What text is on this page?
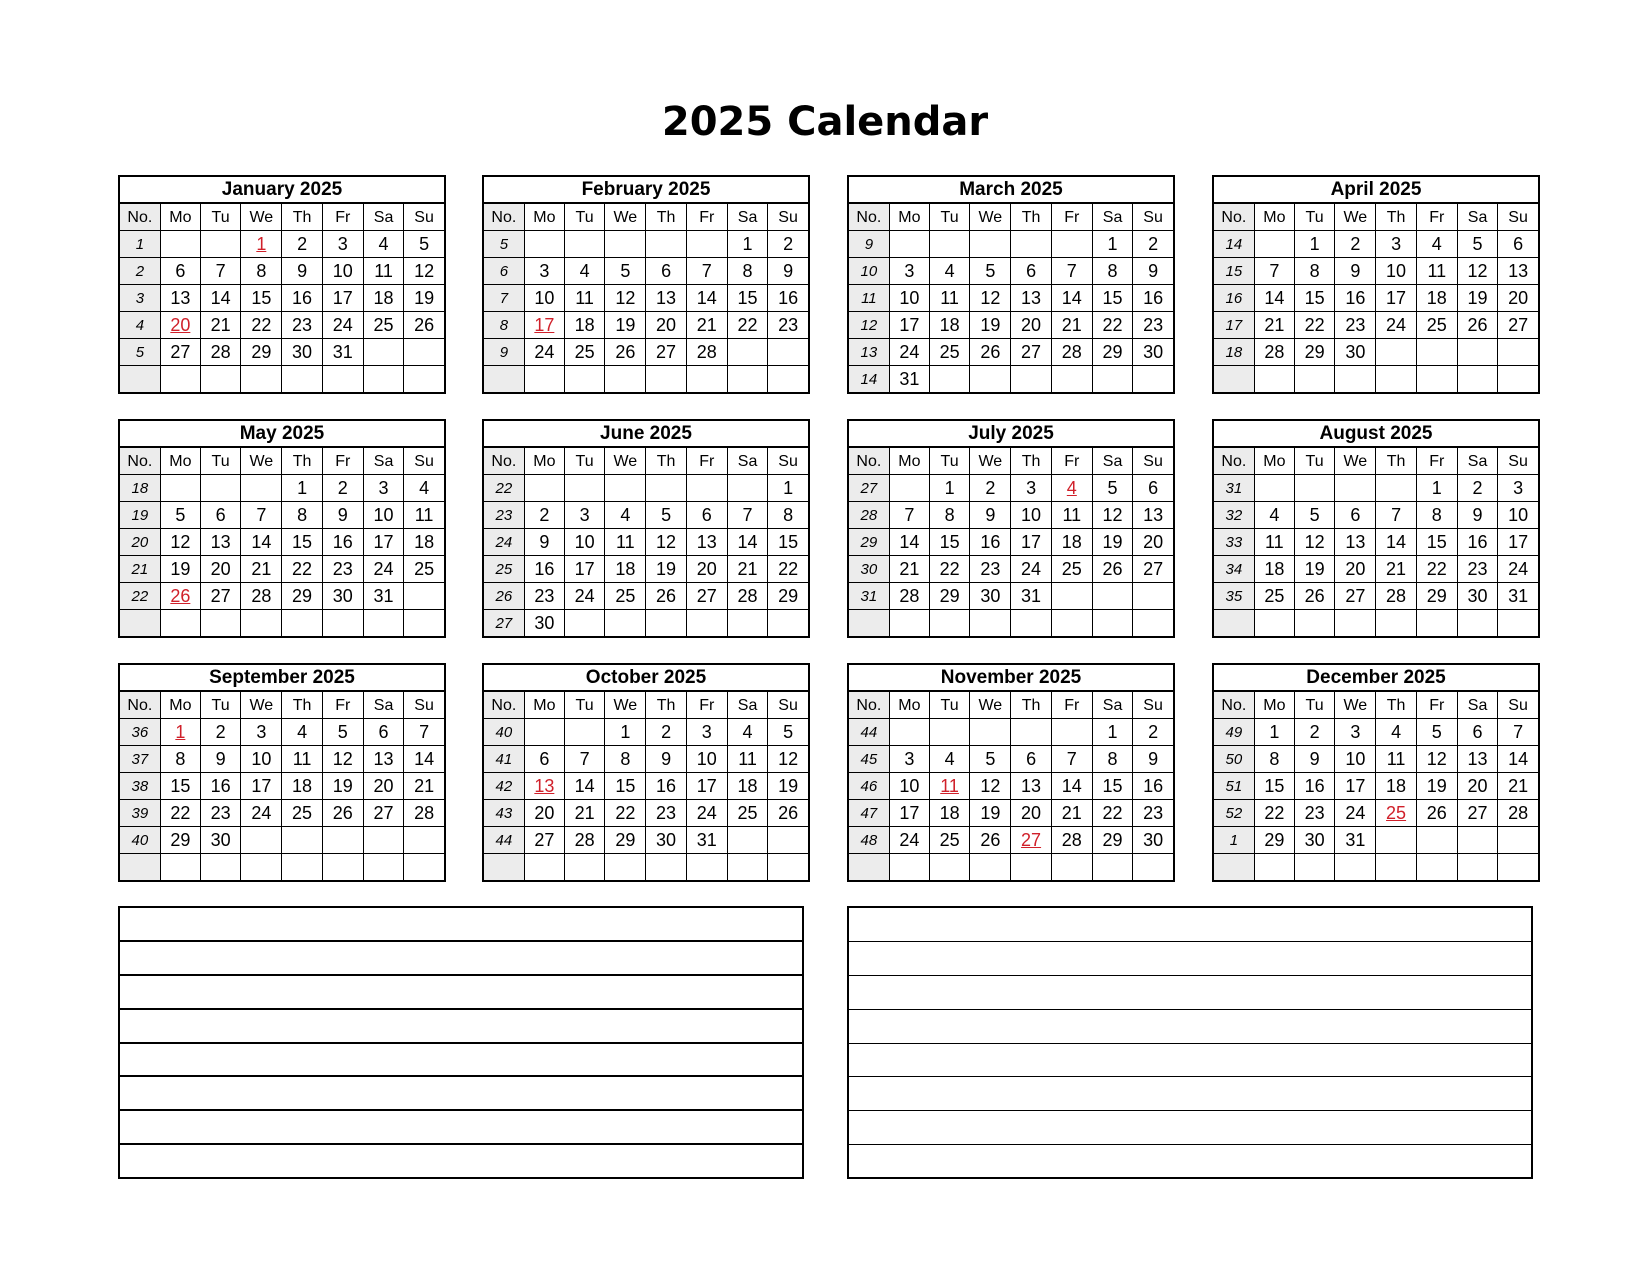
2025 Calendar
January 2025
No.	Mo	Tu	We	Th	Fr	Sa	Su
1			1	2	3	4	5
2	6	7	8	9	10	11	12
3	13	14	15	16	17	18	19
4	20	21	22	23	24	25	26
5	27	28	29	30	31		

February 2025
No.	Mo	Tu	We	Th	Fr	Sa	Su
5						1	2
6	3	4	5	6	7	8	9
7	10	11	12	13	14	15	16
8	17	18	19	20	21	22	23
9	24	25	26	27	28		

March 2025
No.	Mo	Tu	We	Th	Fr	Sa	Su
9						1	2
10	3	4	5	6	7	8	9
11	10	11	12	13	14	15	16
12	17	18	19	20	21	22	23
13	24	25	26	27	28	29	30
14	31						
April 2025
No.	Mo	Tu	We	Th	Fr	Sa	Su
14		1	2	3	4	5	6
15	7	8	9	10	11	12	13
16	14	15	16	17	18	19	20
17	21	22	23	24	25	26	27
18	28	29	30				

May 2025
No.	Mo	Tu	We	Th	Fr	Sa	Su
18				1	2	3	4
19	5	6	7	8	9	10	11
20	12	13	14	15	16	17	18
21	19	20	21	22	23	24	25
22	26	27	28	29	30	31	

June 2025
No.	Mo	Tu	We	Th	Fr	Sa	Su
22							1
23	2	3	4	5	6	7	8
24	9	10	11	12	13	14	15
25	16	17	18	19	20	21	22
26	23	24	25	26	27	28	29
27	30						
July 2025
No.	Mo	Tu	We	Th	Fr	Sa	Su
27		1	2	3	4	5	6
28	7	8	9	10	11	12	13
29	14	15	16	17	18	19	20
30	21	22	23	24	25	26	27
31	28	29	30	31			

August 2025
No.	Mo	Tu	We	Th	Fr	Sa	Su
31					1	2	3
32	4	5	6	7	8	9	10
33	11	12	13	14	15	16	17
34	18	19	20	21	22	23	24
35	25	26	27	28	29	30	31

September 2025
No.	Mo	Tu	We	Th	Fr	Sa	Su
36	1	2	3	4	5	6	7
37	8	9	10	11	12	13	14
38	15	16	17	18	19	20	21
39	22	23	24	25	26	27	28
40	29	30					

October 2025
No.	Mo	Tu	We	Th	Fr	Sa	Su
40			1	2	3	4	5
41	6	7	8	9	10	11	12
42	13	14	15	16	17	18	19
43	20	21	22	23	24	25	26
44	27	28	29	30	31		

November 2025
No.	Mo	Tu	We	Th	Fr	Sa	Su
44						1	2
45	3	4	5	6	7	8	9
46	10	11	12	13	14	15	16
47	17	18	19	20	21	22	23
48	24	25	26	27	28	29	30

December 2025
No.	Mo	Tu	We	Th	Fr	Sa	Su
49	1	2	3	4	5	6	7
50	8	9	10	11	12	13	14
51	15	16	17	18	19	20	21
52	22	23	24	25	26	27	28
1	29	30	31				
